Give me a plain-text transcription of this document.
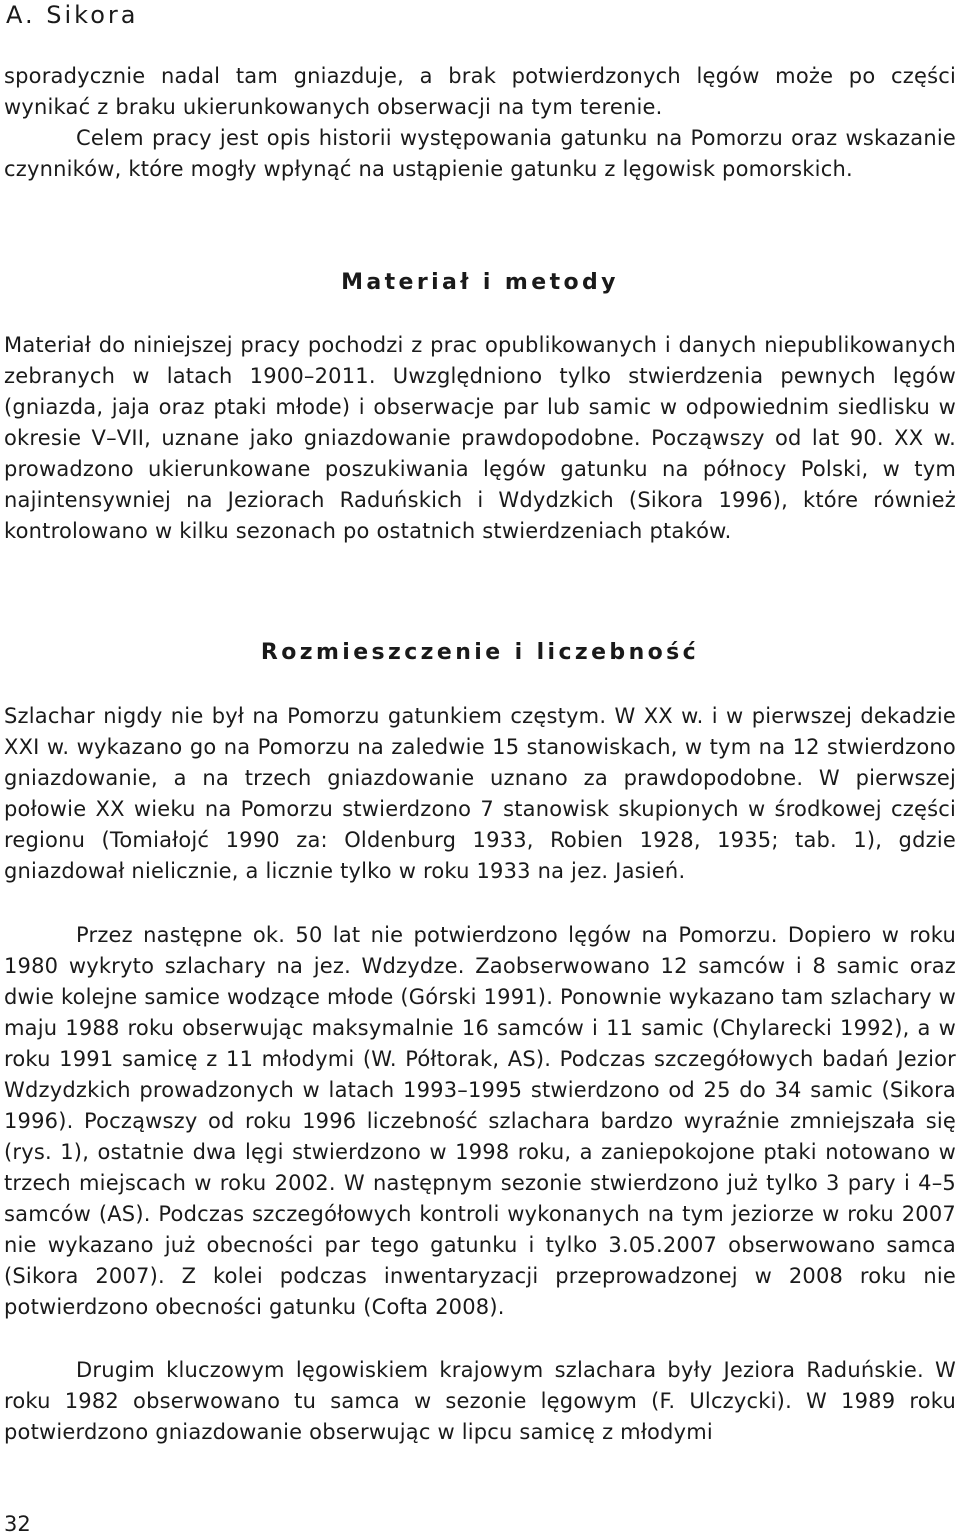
A. Sikora

sporadycznie nadal tam gniazduje, a brak potwierdzonych lęgów może po części wynikać z braku ukierunkowanych obserwacji na tym terenie.

Celem pracy jest opis historii występowania gatunku na Pomorzu oraz wskazanie czynników, które mogły wpłynąć na ustąpienie gatunku z lęgowisk pomorskich.

Materiał i metody

Materiał do niniejszej pracy pochodzi z prac opublikowanych i danych niepublikowanych zebranych w latach 1900–2011. Uwzględniono tylko stwierdzenia pewnych lęgów (gniazda, jaja oraz ptaki młode) i obserwacje par lub samic w odpowiednim siedlisku w okresie V–VII, uznane jako gniazdowanie prawdopodobne. Począwszy od lat 90. XX w. prowadzono ukierunkowane poszukiwania lęgów gatunku na północy Polski, w tym najintensywniej na Jeziorach Raduńskich i Wdydzkich (Sikora 1996), które również kontrolowano w kilku sezonach po ostatnich stwierdzeniach ptaków.

Rozmieszczenie i liczebność

Szlachar nigdy nie był na Pomorzu gatunkiem częstym. W XX w. i w pierwszej dekadzie XXI w. wykazano go na Pomorzu na zaledwie 15 stanowiskach, w tym na 12 stwierdzono gniazdowanie, a na trzech gniazdowanie uznano za prawdopodobne. W pierwszej połowie XX wieku na Pomorzu stwierdzono 7 stanowisk skupionych w środkowej części regionu (Tomiałojć 1990 za: Oldenburg 1933, Robien 1928, 1935; tab. 1), gdzie gniazdował nielicznie, a licznie tylko w roku 1933 na jez. Jasień.

Przez następne ok. 50 lat nie potwierdzono lęgów na Pomorzu. Dopiero w roku 1980 wykryto szlachary na jez. Wdzydze. Zaobserwowano 12 samców i 8 samic oraz dwie kolejne samice wodzące młode (Górski 1991). Ponownie wykazano tam szlachary w maju 1988 roku obserwując maksymalnie 16 samców i 11 samic (Chylarecki 1992), a w roku 1991 samicę z 11 młodymi (W. Półtorak, AS). Podczas szczegółowych badań Jezior Wdzydzkich prowadzonych w latach 1993–1995 stwierdzono od 25 do 34 samic (Sikora 1996). Począwszy od roku 1996 liczebność szlachara bardzo wyraźnie zmniejszała się (rys. 1), ostatnie dwa lęgi stwierdzono w 1998 roku, a zaniepokojone ptaki notowano w trzech miejscach w roku 2002. W następnym sezonie stwierdzono już tylko 3 pary i 4–5 samców (AS). Podczas szczegółowych kontroli wykonanych na tym jeziorze w roku 2007 nie wykazano już obecności par tego gatunku i tylko 3.05.2007 obserwowano samca (Sikora 2007). Z kolei podczas inwentaryzacji przeprowadzonej w 2008 roku nie potwierdzono obecności gatunku (Cofta 2008).

Drugim kluczowym lęgowiskiem krajowym szlachara były Jeziora Raduńskie. W roku 1982 obserwowano tu samca w sezonie lęgowym (F. Ulczycki). W 1989 roku potwierdzono gniazdowanie obserwując w lipcu samicę z młodymi

32
